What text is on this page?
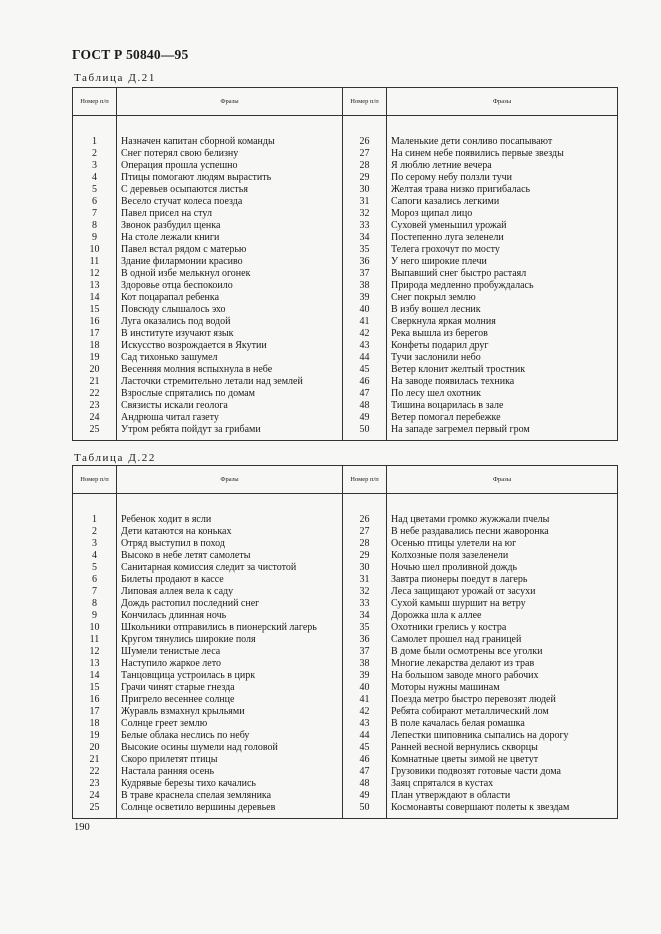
ГОСТ Р 50840—95
Таблица Д.21
Номер п/п	Фразы	Номер п/п	Фразы
1	Назначен капитан сборной команды	26	Маленькие дети сонливо посапывают
2	Снег потерял свою белизну	27	На синем небе появились первые звезды
3	Операция прошла успешно	28	Я люблю летние вечера
4	Птицы помогают людям вырастить	29	По серому небу ползли тучи
5	С деревьев осыпаются листья	30	Желтая трава низко пригибалась
6	Весело стучат колеса поезда	31	Сапоги казались легкими
7	Павел присел на стул	32	Мороз щипал лицо
8	Звонок разбудил щенка	33	Суховей уменьшил урожай
9	На столе лежали книги	34	Постепенно луга зеленели
10	Павел встал рядом с матерью	35	Телега грохочут по мосту
11	Здание филармонии красиво	36	У него широкие плечи
12	В одной избе мелькнул огонек	37	Выпавший снег быстро растаял
13	Здоровье отца беспокоило	38	Природа медленно пробуждалась
14	Кот поцарапал ребенка	39	Снег покрыл землю
15	Повсюду слышалось эхо	40	В избу вошел лесник
16	Луга оказались под водой	41	Сверкнула яркая молния
17	В институте изучают язык	42	Река вышла из берегов
18	Искусство возрождается в Якутии	43	Конфеты подарил друг
19	Сад тихонько зашумел	44	Тучи заслонили небо
20	Весенняя молния вспыхнула в небе	45	Ветер клонит желтый тростник
21	Ласточки стремительно летали над землей	46	На заводе появилась техника
22	Взрослые спрятались по домам	47	По лесу шел охотник
23	Связисты искали геолога	48	Тишина воцарилась в зале
24	Андрюша читал газету	49	Ветер помогал перебежке
25	Утром ребята пойдут за грибами	50	На западе загремел первый гром
Таблица Д.22
Номер п/п	Фразы	Номер п/п	Фразы
1	Ребенок ходит в ясли	26	Над цветами громко жужжали пчелы
2	Дети катаются на коньках	27	В небе раздавались песни жаворонка
3	Отряд выступил в поход	28	Осенью птицы улетели на юг
4	Высоко в небе летят самолеты	29	Колхозные поля зазеленели
5	Санитарная комиссия следит за чистотой	30	Ночью шел проливной дождь
6	Билеты продают в кассе	31	Завтра пионеры поедут в лагерь
7	Липовая аллея вела к саду	32	Леса защищают урожай от засухи
8	Дождь растопил последний снег	33	Сухой камыш шуршит на ветру
9	Кончилась длинная ночь	34	Дорожка шла к аллее
10	Школьники отправились в пионерский лагерь	35	Охотники грелись у костра
11	Кругом тянулись широкие поля	36	Самолет прошел над границей
12	Шумели тенистые леса	37	В доме были осмотрены все уголки
13	Наступило жаркое лето	38	Многие лекарства делают из трав
14	Танцовщица устроилась в цирк	39	На большом заводе много рабочих
15	Грачи чинят старые гнезда	40	Моторы нужны машинам
16	Пригрело весеннее солнце	41	Поезда метро быстро перевозят людей
17	Журавль взмахнул крыльями	42	Ребята собирают металлический лом
18	Солнце греет землю	43	В поле качалась белая ромашка
19	Белые облака неслись по небу	44	Лепестки шиповника сыпались на дорогу
20	Высокие осины шумели над головой	45	Ранней весной вернулись скворцы
21	Скоро прилетят птицы	46	Комнатные цветы зимой не цветут
22	Настала ранняя осень	47	Грузовики подвозят готовые части дома
23	Кудрявые березы тихо качались	48	Заяц спрятался в кустах
24	В траве краснела спелая земляника	49	План утверждают в области
25	Солнце осветило вершины деревьев	50	Космонавты совершают полеты к звездам
190
